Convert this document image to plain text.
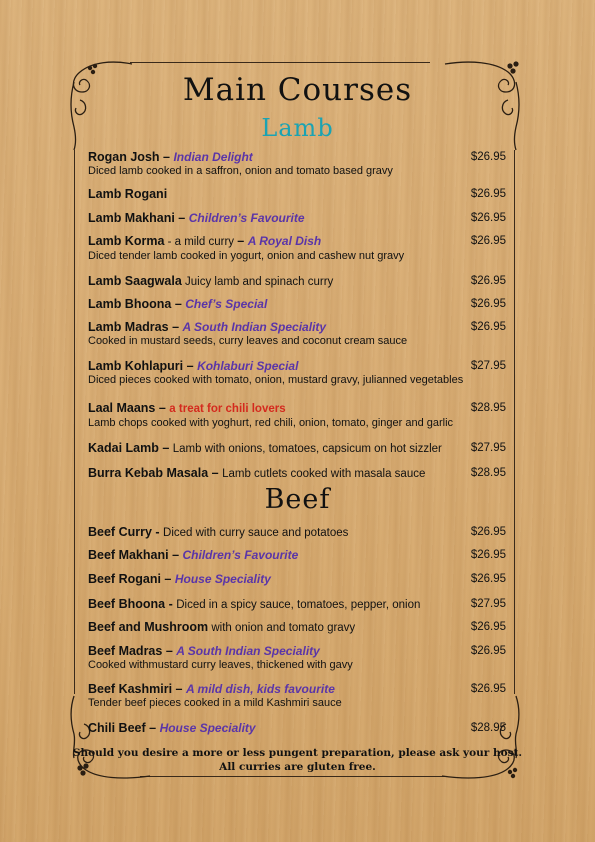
Main Courses
Lamb
Rogan Josh – Indian Delight	$26.95
Diced lamb cooked in a saffron, onion and tomato based gravy
Lamb Rogani	$26.95
Lamb Makhani – Children’s Favourite	$26.95
Lamb Korma - a mild curry – A Royal Dish	$26.95
Diced tender lamb cooked in yogurt, onion and cashew nut gravy
Lamb Saagwala Juicy lamb and spinach curry	$26.95
Lamb Bhoona – Chef’s Special	$26.95
Lamb Madras – A South Indian Speciality	$26.95
Cooked in mustard seeds, curry leaves and coconut cream sauce
Lamb Kohlapuri – Kohlaburi Special	$27.95
Diced pieces cooked with tomato, onion, mustard gravy, julianned vegetables
Laal Maans – a treat for chili lovers	$28.95
Lamb chops cooked with yoghurt, red chili, onion, tomato, ginger and garlic
Kadai Lamb – Lamb with onions, tomatoes, capsicum on hot sizzler	$27.95
Burra Kebab Masala – Lamb cutlets cooked with masala sauce	$28.95
Beef
Beef Curry - Diced with curry sauce and potatoes	$26.95
Beef Makhani – Children’s Favourite	$26.95
Beef Rogani – House Speciality	$26.95
Beef Bhoona - Diced in a spicy sauce, tomatoes, pepper, onion	$27.95
Beef and Mushroom with onion and tomato gravy	$26.95
Beef Madras – A South Indian Speciality	$26.95
Cooked withmustard curry leaves, thickened with gavy
Beef Kashmiri – A mild dish, kids favourite	$26.95
Tender beef pieces cooked in a mild Kashmiri sauce
Chili Beef – House Speciality	$28.95
Should you desire a more or less pungent preparation, please ask your host.
All curries are gluten free.
